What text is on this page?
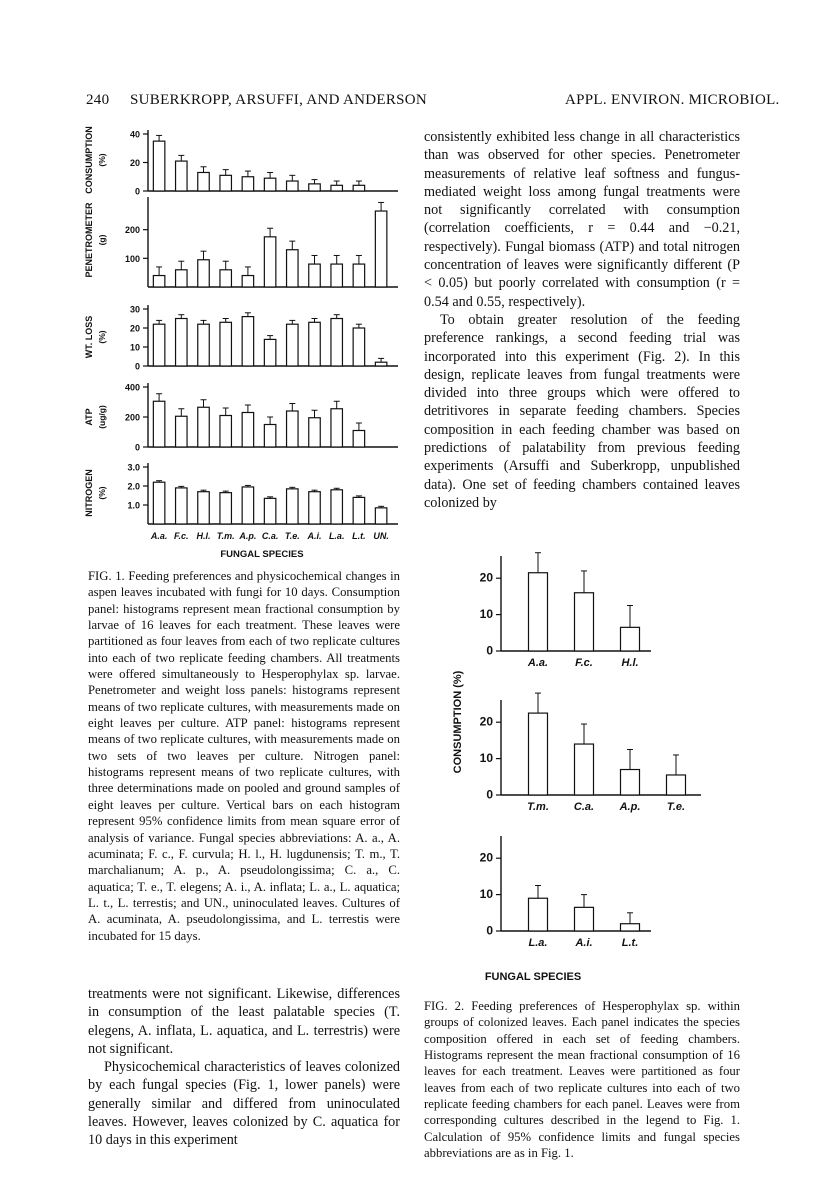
240 SUBERKROPP, ARSUFFI, AND ANDERSON	APPL. ENVIRON. MICROBIOL.
0
20
40
CONSUMPTION (%)
100
200
PENETROMETER (g)
0
10
20
30
WT. LOSS (%)
0
200
400
ATP (ug/g)
1.0
2.0
3.0
A.a. F.c. H.l. T.m. A.p. C.a. T.e. A.i. L.a. L.t. UN.
NITROGEN (%)
FUNGAL SPECIES

FIG. 1. Feeding preferences and physicochemical changes in aspen leaves incubated with fungi for 10 days. Consumption panel: histograms represent mean fractional consumption by larvae of 16 leaves for each treatment. These leaves were partitioned as four leaves from each of two replicate cultures into each of two replicate feeding chambers. All treatments were offered simultaneously to Hesperophylax sp. larvae. Penetrometer and weight loss panels: histograms represent means of two replicate cultures, with measurements made on eight leaves per culture. ATP panel: histograms represent means of two replicate cultures, with measurements made on two sets of two leaves per culture. Nitrogen panel: histograms represent means of two replicate cultures, with three determinations made on pooled and ground samples of eight leaves per culture. Vertical bars on each histogram represent 95% confidence limits from mean square error of analysis of variance. Fungal species abbreviations: A. a., A. acuminata; F. c., F. curvula; H. l., H. lugdunensis; T. m., T. marchalianum; A. p., A. pseudolongissima; C. a., C. aquatica; T. e., T. elegens; A. i., A. inflata; L. a., L. aquatica; L. t., L. terrestis; and UN., uninoculated leaves. Cultures of A. acuminata, A. pseudolongissima, and L. terrestis were incubated for 15 days.

treatments were not significant. Likewise, differences in consumption of the least palatable species (T. elegens, A. inflata, L. aquatica, and L. terrestris) were not significant.

Physicochemical characteristics of leaves colonized by each fungal species (Fig. 1, lower panels) were generally similar and differed from uninoculated leaves. However, leaves colonized by C. aquatica for 10 days in this experiment

consistently exhibited less change in all characteristics than was observed for other species. Penetrometer measurements of relative leaf softness and fungus-mediated weight loss among fungal treatments were not significantly correlated with consumption (correlation coefficients, r = 0.44 and −0.21, respectively). Fungal biomass (ATP) and total nitrogen concentration of leaves were significantly different (P < 0.05) but poorly correlated with consumption (r = 0.54 and 0.55, respectively).

To obtain greater resolution of the feeding preference rankings, a second feeding trial was incorporated into this experiment (Fig. 2). In this design, replicate leaves from fungal treatments were divided into three groups which were offered to detritivores in separate feeding chambers. Species composition in each feeding chamber was based on predictions of palatability from previous feeding experiments (Arsuffi and Suberkropp, unpublished data). One set of feeding chambers contained leaves colonized by

0
10
20
A.a. F.c.	H.l.
0
10
20
T.m. C.a. A.p. T.e.
CONSUMPTION (%)
0
10
20
L.a.	A.i.	L.t.
FUNGAL SPECIES

FIG. 2. Feeding preferences of Hesperophylax sp. within groups of colonized leaves. Each panel indicates the species composition offered in each set of feeding chambers. Histograms represent the mean fractional consumption of 16 leaves for each treatment. Leaves were partitioned as four leaves from each of two replicate cultures into each of two replicate feeding chambers for each panel. Leaves were from corresponding cultures described in the legend to Fig. 1. Calculation of 95% confidence limits and fungal species abbreviations are as in Fig. 1.
